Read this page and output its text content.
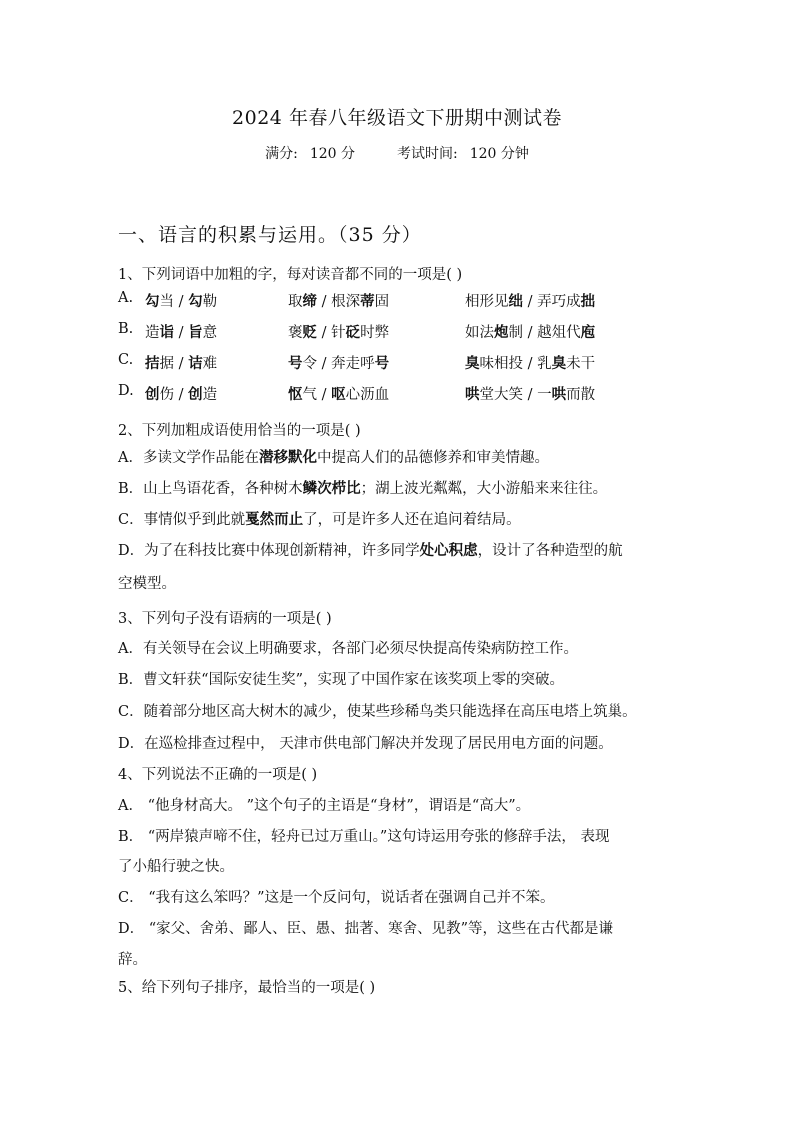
2024 年春八年级语文下册期中测试卷
满分: 120 分	考试时间: 120 分钟
一、语言的积累与运用。（35 分）
1、下列词语中加粗的字，每对读音都不同的一项是( )
A. 勾当 / 勾勒	取缔 / 根深蒂固	相形见绌 / 弄巧成拙
B. 造诣 / 旨意	褒贬 / 针砭时弊	如法炮制 / 越俎代庖
C. 拮据 / 诘难	号令 / 奔走呼号	臭味相投 / 乳臭未干
D. 创伤 / 创造	怄气 / 呕心沥血	哄堂大笑 / 一哄而散
2、下列加粗成语使用恰当的一项是( )
A．多读文学作品能在潜移默化中提高人们的品德修养和审美情趣。
B．山上鸟语花香，各种树木鳞次栉比；湖上波光粼粼，大小游船来来往往。
C．事情似乎到此就戛然而止了，可是许多人还在追问着结局。
D．为了在科技比赛中体现创新精神，许多同学处心积虑，设计了各种造型的航
空模型。
3、下列句子没有语病的一项是( )
A．有关领导在会议上明确要求，各部门必须尽快提高传染病防控工作。
B．曹文轩获“国际安徒生奖”，实现了中国作家在该奖项上零的突破。
C．随着部分地区高大树木的减少，使某些珍稀鸟类只能选择在高压电塔上筑巢。
D．在巡检排查过程中， 天津市供电部门解决并发现了居民用电方面的问题。
4、下列说法不正确的一项是( )
A． “他身材高大。 ”这个句子的主语是“身材”，谓语是“高大”。
B． “两岸猿声啼不住，轻舟已过万重山。”这句诗运用夸张的修辞手法， 表现
了小船行驶之快。
C． “我有这么笨吗？”这是一个反问句，说话者在强调自己并不笨。
D． “家父、舍弟、鄙人、臣、愚、拙著、寒舍、见教”等，这些在古代都是谦
辞。
5、给下列句子排序，最恰当的一项是( )
